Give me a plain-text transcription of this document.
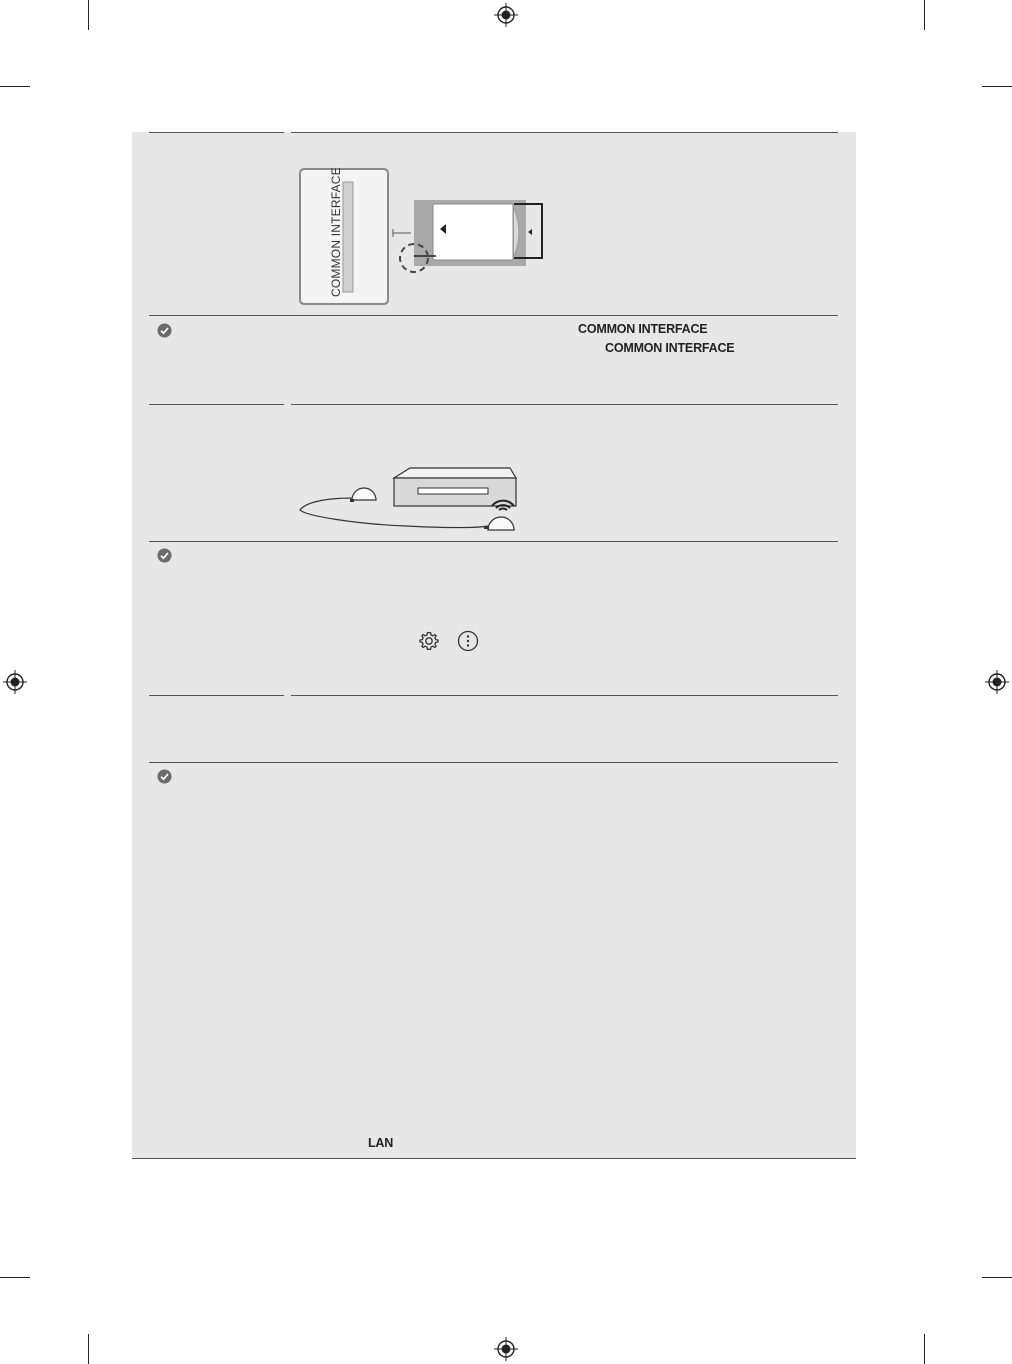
COMMON INTERFACE
COMMON INTERFACE
COMMON INTERFACE
LAN
